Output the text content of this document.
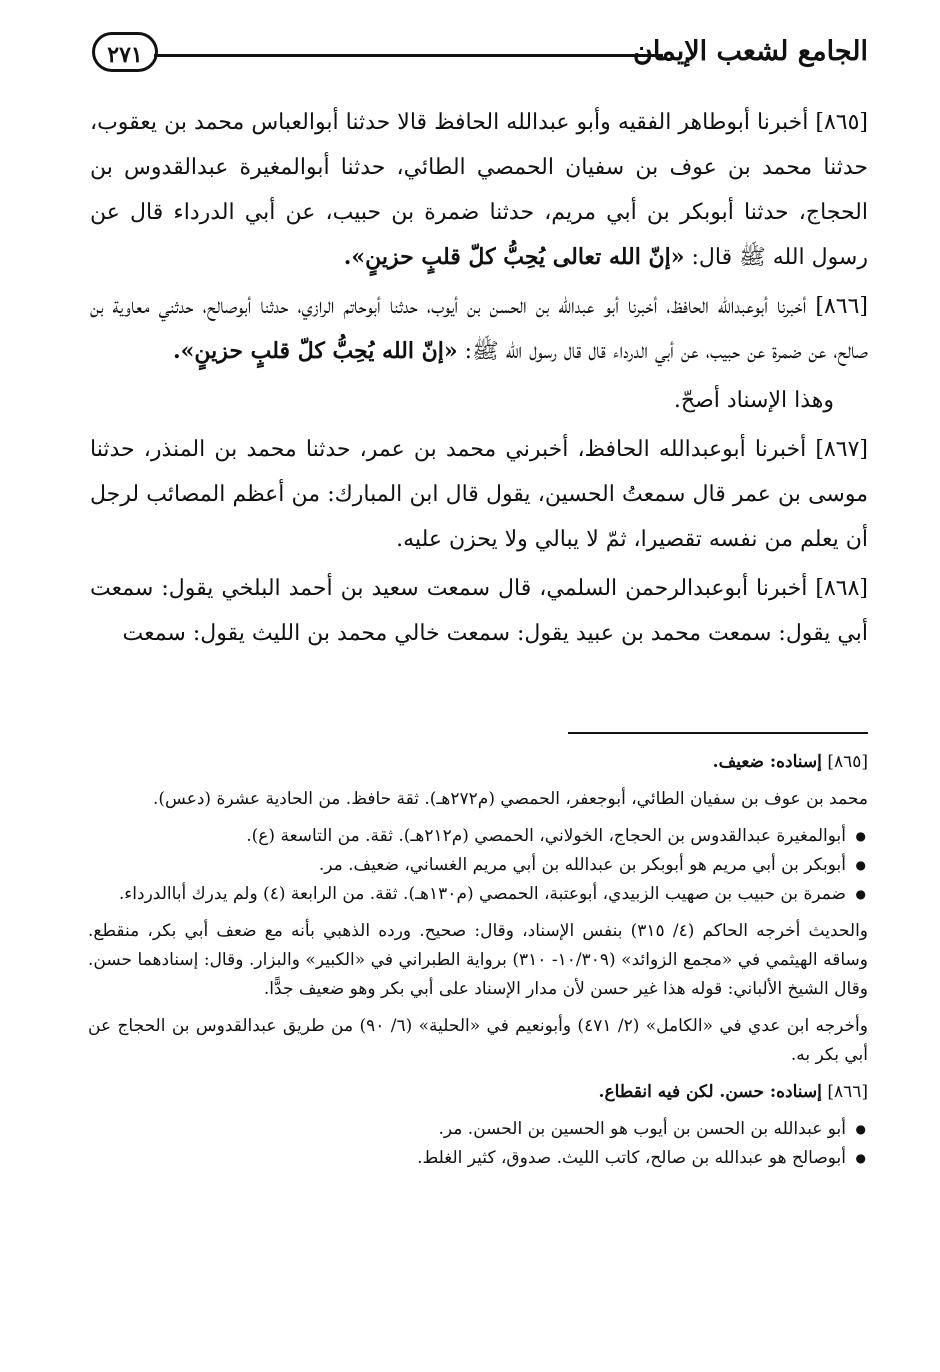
الجامع لشعب الإيمان
٢٧١

[٨٦٥] أخبرنا أبوطاهر الفقيه وأبو عبدالله الحافظ قالا حدثنا أبوالعباس محمد بن يعقوب، حدثنا محمد بن عوف بن سفيان الحمصي الطائي، حدثنا أبوالمغيرة عبدالقدوس بن الحجاج، حدثنا أبوبكر بن أبي مريم، حدثنا ضمرة بن حبيب، عن أبي الدرداء قال عن رسول الله ﷺ قال: «إنّ الله تعالى يُحِبُّ كلّ قلبٍ حزينٍ».

[٨٦٦] أخبرنا أبوعبدالله الحافظ، أخبرنا أبو عبدالله بن الحسن بن أيوب، حدثنا أبوحاتم الرازي، حدثنا أبوصالح، حدثني معاوية بن صالح، عن ضمرة عن حبيب، عن أبي الدرداء قال قال رسول الله ﷺ: «إنّ الله يُحِبُّ كلّ قلبٍ حزينٍ».

وهذا الإسناد أصحّ.

[٨٦٧] أخبرنا أبوعبدالله الحافظ، أخبرني محمد بن عمر، حدثنا محمد بن المنذر، حدثنا موسى بن عمر قال سمعتُ الحسين، يقول قال ابن المبارك: من أعظم المصائب لرجل أن يعلم من نفسه تقصيرا، ثمّ لا يبالي ولا يحزن عليه.

[٨٦٨] أخبرنا أبوعبدالرحمن السلمي، قال سمعت سعيد بن أحمد البلخي يقول: سمعت أبي يقول: سمعت محمد بن عبيد يقول: سمعت خالي محمد بن الليث يقول: سمعت

[٨٦٥] إسناده: ضعيف.

محمد بن عوف بن سفيان الطائي، أبوجعفر، الحمصي (م٢٧٢هـ). ثقة حافظ. من الحادية عشرة (دعس).

● أبوالمغيرة عبدالقدوس بن الحجاج، الخولاني، الحمصي (م٢١٢هـ). ثقة. من التاسعة (ع).
● أبوبكر بن أبي مريم هو أبوبكر بن عبدالله بن أبي مريم الغساني، ضعيف. مر.
● ضمرة بن حبيب بن صهيب الزبيدي، أبوعتبة، الحمصي (م١٣٠هـ). ثقة. من الرابعة (٤) ولم يدرك أباالدرداء.

والحديث أخرجه الحاكم (٤/ ٣١٥) بنفس الإسناد، وقال: صحيح. ورده الذهبي بأنه مع ضعف أبي بكر، منقطع. وساقه الهيثمي في «مجمع الزوائد» (١٠/٣٠٩- ٣١٠) برواية الطبراني في «الكبير» والبزار. وقال: إسنادهما حسن. وقال الشيخ الألباني: قوله هذا غير حسن لأن مدار الإسناد على أبي بكر وهو ضعيف جدًّا.

وأخرجه ابن عدي في «الكامل» (٢/ ٤٧١) وأبونعيم في «الحلية» (٦/ ٩٠) من طريق عبدالقدوس بن الحجاج عن أبي بكر به.

[٨٦٦] إسناده: حسن. لكن فيه انقطاع.

● أبو عبدالله بن الحسن بن أيوب هو الحسين بن الحسن. مر.
● أبوصالح هو عبدالله بن صالح، كاتب الليث. صدوق، كثير الغلط.
